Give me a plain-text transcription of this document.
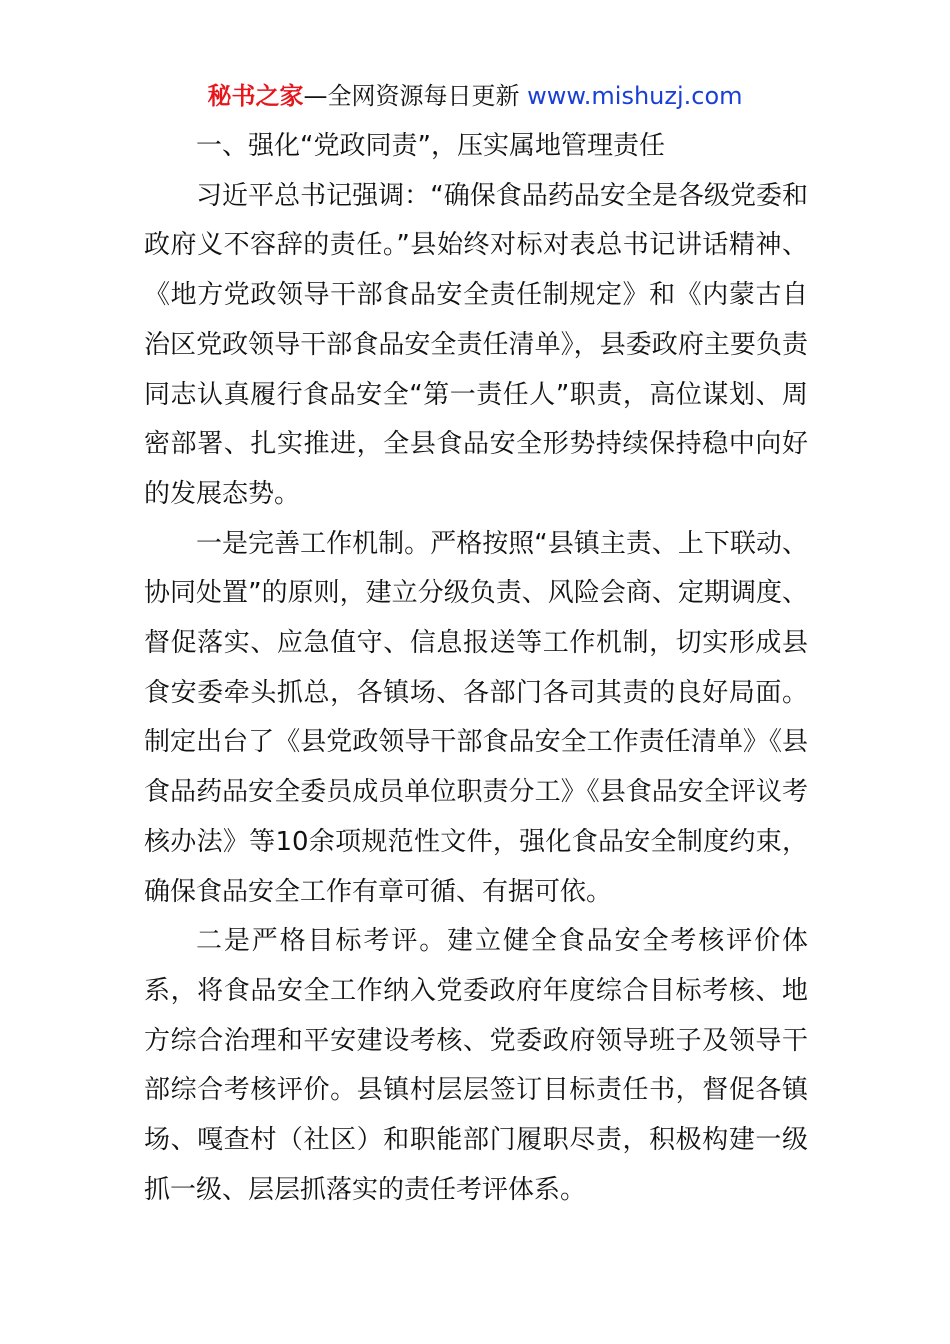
秘书之家—全网资源每日更新 www.mishuzj.com

一、强化“党政同责”，压实属地管理责任

习近平总书记强调：“确保食品药品安全是各级党委和政府义不容辞的责任。”县始终对标对表总书记讲话精神、《地方党政领导干部食品安全责任制规定》和《内蒙古自治区党政领导干部食品安全责任清单》，县委政府主要负责同志认真履行食品安全“第一责任人”职责，高位谋划、周密部署、扎实推进，全县食品安全形势持续保持稳中向好的发展态势。

一是完善工作机制。严格按照“县镇主责、上下联动、协同处置”的原则，建立分级负责、风险会商、定期调度、督促落实、应急值守、信息报送等工作机制，切实形成县食安委牵头抓总，各镇场、各部门各司其责的良好局面。制定出台了《县党政领导干部食品安全工作责任清单》《县食品药品安全委员成员单位职责分工》《县食品安全评议考核办法》等10余项规范性文件，强化食品安全制度约束，确保食品安全工作有章可循、有据可依。

二是严格目标考评。建立健全食品安全考核评价体系，将食品安全工作纳入党委政府年度综合目标考核、地方综合治理和平安建设考核、党委政府领导班子及领导干部综合考核评价。县镇村层层签订目标责任书，督促各镇场、嘎查村（社区）和职能部门履职尽责，积极构建一级抓一级、层层抓落实的责任考评体系。
